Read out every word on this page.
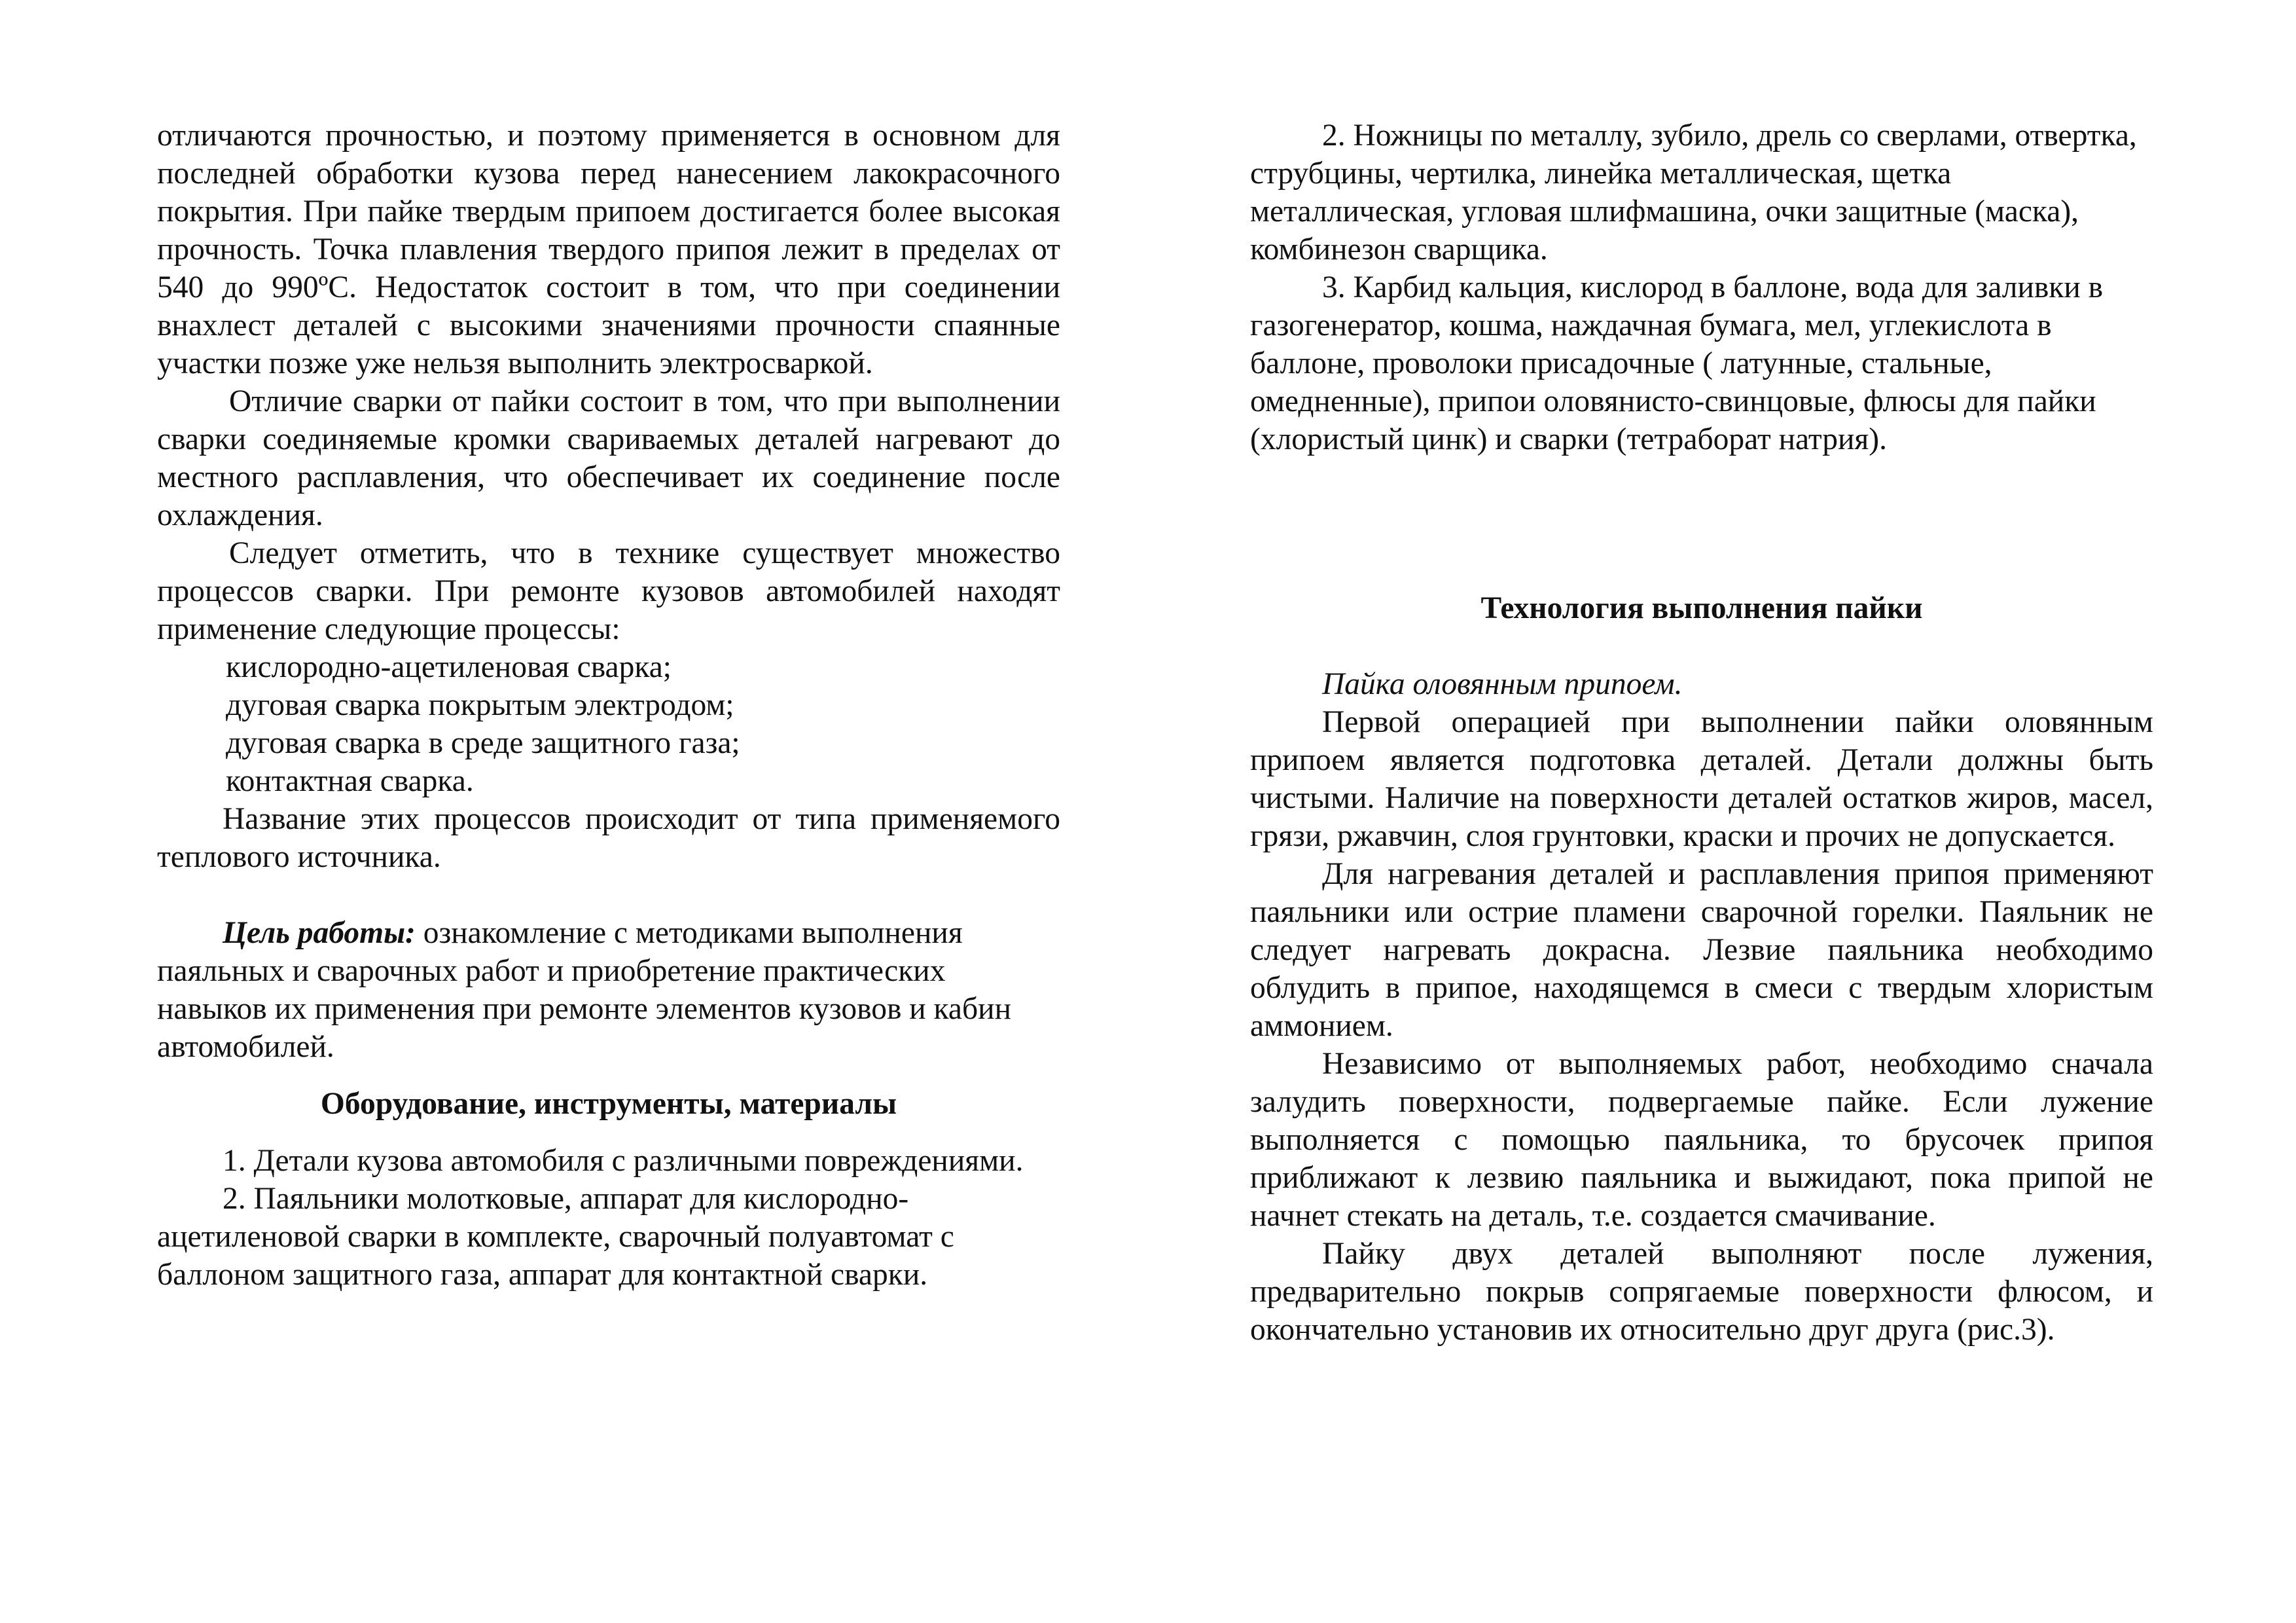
отличаются прочностью, и поэтому применяется в основном для последней обработки кузова перед нанесением лакокрасочного покрытия. При пайке твердым припоем достигается более высокая прочность. Точка плавления твердого припоя лежит в пределах от 540 до 990ºС. Недостаток состоит в том, что при соединении внахлест деталей с высокими значениями прочности спаянные участки позже уже нельзя выполнить электросваркой.

Отличие сварки от пайки состоит в том, что при выполнении сварки соединяемые кромки свариваемых деталей нагревают до местного расплавления, что обеспечивает их соединение после охлаждения.

Следует отметить, что в технике существует множество процессов сварки. При ремонте кузовов автомобилей находят применение следующие процессы:

кислородно-ацетиленовая сварка;

дуговая сварка покрытым электродом;

дуговая сварка в среде защитного газа;

контактная сварка.

Название этих процессов происходит от типа применяемого теплового источника.

Цель работы: ознакомление с методиками выполнения паяльных и сварочных работ и приобретение практических навыков их применения при ремонте элементов кузовов и кабин автомобилей.

Оборудование, инструменты, материалы

1. Детали кузова автомобиля с различными повреждениями.

2. Паяльники молотковые, аппарат для кислородно-ацетиленовой сварки в комплекте, сварочный полуавтомат с баллоном защитного газа, аппарат для контактной сварки.

2. Ножницы по металлу, зубило, дрель со сверлами, отвертка, струбцины, чертилка, линейка металлическая, щетка металлическая, угловая шлифмашина, очки защитные (маска), комбинезон сварщика.

3. Карбид кальция, кислород в баллоне, вода для заливки в газогенератор, кошма, наждачная бумага, мел, углекислота в баллоне, проволоки присадочные ( латунные, стальные, омедненные), припои оловянисто-свинцовые, флюсы для пайки (хлористый цинк) и сварки (тетраборат натрия).

Технология выполнения пайки

Пайка оловянным припоем.

Первой операцией при выполнении пайки оловянным припоем является подготовка деталей. Детали должны быть чистыми. Наличие на поверхности деталей остатков жиров, масел, грязи, ржавчин, слоя грунтовки, краски и прочих не допускается.

Для нагревания деталей и расплавления припоя применяют паяльники или острие пламени сварочной горелки. Паяльник не следует нагревать докрасна. Лезвие паяльника необходимо облудить в припое, находящемся в смеси с твердым хлористым аммонием.

Независимо от выполняемых работ, необходимо сначала залудить поверхности, подвергаемые пайке. Если лужение выполняется с помощью паяльника, то брусочек припоя приближают к лезвию паяльника и выжидают, пока припой не начнет стекать на деталь, т.е. создается смачивание.

Пайку двух деталей выполняют после лужения, предварительно покрыв сопрягаемые поверхности флюсом, и окончательно установив их относительно друг друга (рис.3).
